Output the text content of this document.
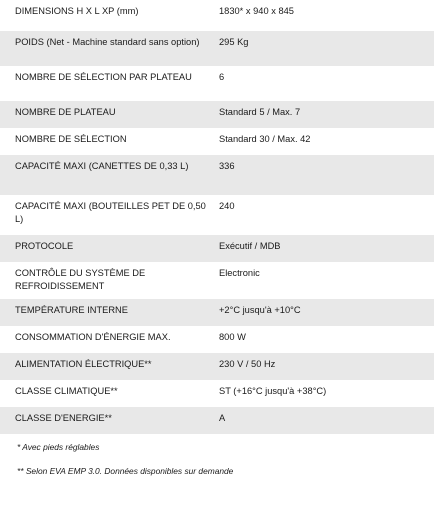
DIMENSIONS H X L XP (mm)	1830* x 940 x 845
POIDS (Net - Machine standard sans option)	295 Kg
NOMBRE DE SÉLECTION PAR PLATEAU	6
NOMBRE DE PLATEAU	Standard 5 / Max. 7
NOMBRE DE SÉLECTION	Standard 30 / Max. 42
CAPACITÉ MAXI (CANETTES DE 0,33 L)	336
CAPACITÉ MAXI (BOUTEILLES PET DE 0,50 L)	240
PROTOCOLE	Exécutif / MDB
CONTRÔLE DU SYSTÈME DE REFROIDISSEMENT	Electronic
TEMPÉRATURE INTERNE	+2°C jusqu'à +10°C
CONSOMMATION D'ÉNERGIE MAX.	800 W
ALIMENTATION ÉLECTRIQUE**	230 V / 50 Hz
CLASSE CLIMATIQUE**	ST (+16°C jusqu'à +38°C)
CLASSE D'ENERGIE**	A
* Avec pieds réglables
** Selon EVA EMP 3.0. Données disponibles sur demande
